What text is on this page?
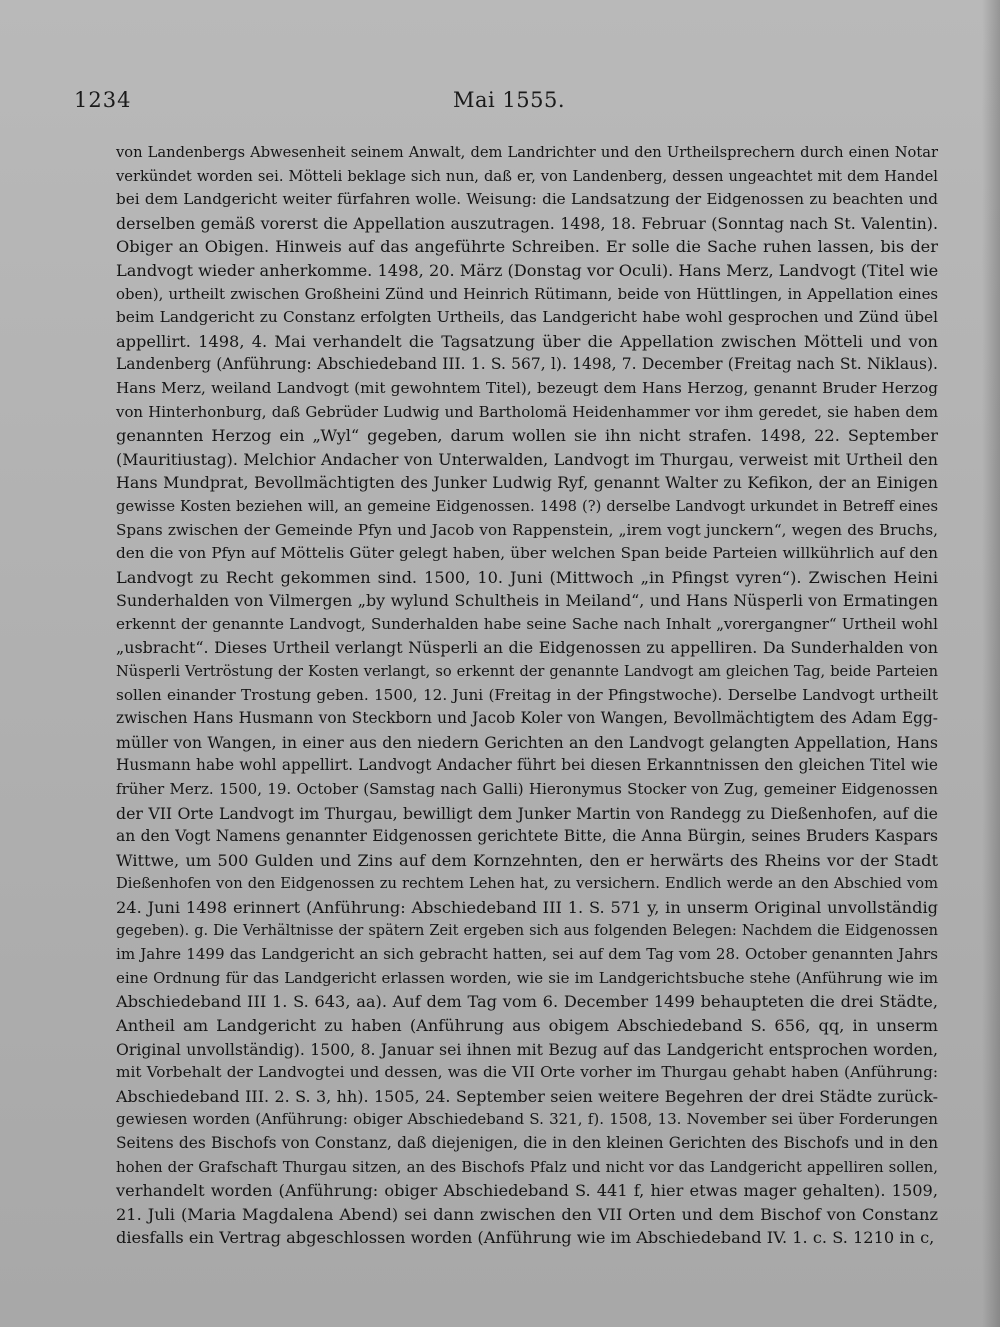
1234	Mai 1555.
von Landenbergs Abwesenheit seinem Anwalt, dem Landrichter und den Urtheilsprechern durch einen Notar
verkündet worden sei. Mötteli beklage sich nun, daß er, von Landenberg, dessen ungeachtet mit dem Handel
bei dem Landgericht weiter fürfahren wolle. Weisung: die Landsatzung der Eidgenossen zu beachten und
derselben gemäß vorerst die Appellation auszutragen. 1498, 18. Februar (Sonntag nach St. Valentin).
Obiger an Obigen. Hinweis auf das angeführte Schreiben. Er solle die Sache ruhen lassen, bis der
Landvogt wieder anherkomme. 1498, 20. März (Donstag vor Oculi). Hans Merz, Landvogt (Titel wie
oben), urtheilt zwischen Großheini Zünd und Heinrich Rütimann, beide von Hüttlingen, in Appellation eines
beim Landgericht zu Constanz erfolgten Urtheils, das Landgericht habe wohl gesprochen und Zünd übel
appellirt. 1498, 4. Mai verhandelt die Tagsatzung über die Appellation zwischen Mötteli und von
Landenberg (Anführung: Abschiedeband III. 1. S. 567, l). 1498, 7. December (Freitag nach St. Niklaus).
Hans Merz, weiland Landvogt (mit gewohntem Titel), bezeugt dem Hans Herzog, genannt Bruder Herzog
von Hinterhonburg, daß Gebrüder Ludwig und Bartholomä Heidenhammer vor ihm geredet, sie haben dem
genannten Herzog ein „Wyl“ gegeben, darum wollen sie ihn nicht strafen. 1498, 22. September
(Mauritiustag). Melchior Andacher von Unterwalden, Landvogt im Thurgau, verweist mit Urtheil den
Hans Mundprat, Bevollmächtigten des Junker Ludwig Ryf, genannt Walter zu Kefikon, der an Einigen
gewisse Kosten beziehen will, an gemeine Eidgenossen. 1498 (?) derselbe Landvogt urkundet in Betreff eines
Spans zwischen der Gemeinde Pfyn und Jacob von Rappenstein, „irem vogt junckern“, wegen des Bruchs,
den die von Pfyn auf Möttelis Güter gelegt haben, über welchen Span beide Parteien willkührlich auf den
Landvogt zu Recht gekommen sind. 1500, 10. Juni (Mittwoch „in Pfingst vyren“). Zwischen Heini
Sunderhalden von Vilmergen „by wylund Schultheis in Meiland“, und Hans Nüsperli von Ermatingen
erkennt der genannte Landvogt, Sunderhalden habe seine Sache nach Inhalt „vorergangner“ Urtheil wohl
„usbracht“. Dieses Urtheil verlangt Nüsperli an die Eidgenossen zu appelliren. Da Sunderhalden von
Nüsperli Vertröstung der Kosten verlangt, so erkennt der genannte Landvogt am gleichen Tag, beide Parteien
sollen einander Trostung geben. 1500, 12. Juni (Freitag in der Pfingstwoche). Derselbe Landvogt urtheilt
zwischen Hans Husmann von Steckborn und Jacob Koler von Wangen, Bevollmächtigtem des Adam Egg-
müller von Wangen, in einer aus den niedern Gerichten an den Landvogt gelangten Appellation, Hans
Husmann habe wohl appellirt. Landvogt Andacher führt bei diesen Erkanntnissen den gleichen Titel wie
früher Merz. 1500, 19. October (Samstag nach Galli) Hieronymus Stocker von Zug, gemeiner Eidgenossen
der VII Orte Landvogt im Thurgau, bewilligt dem Junker Martin von Randegg zu Dießenhofen, auf die
an den Vogt Namens genannter Eidgenossen gerichtete Bitte, die Anna Bürgin, seines Bruders Kaspars
Wittwe, um 500 Gulden und Zins auf dem Kornzehnten, den er herwärts des Rheins vor der Stadt
Dießenhofen von den Eidgenossen zu rechtem Lehen hat, zu versichern. Endlich werde an den Abschied vom
24. Juni 1498 erinnert (Anführung: Abschiedeband III 1. S. 571 y, in unserm Original unvollständig
gegeben). g. Die Verhältnisse der spätern Zeit ergeben sich aus folgenden Belegen: Nachdem die Eidgenossen
im Jahre 1499 das Landgericht an sich gebracht hatten, sei auf dem Tag vom 28. October genannten Jahrs
eine Ordnung für das Landgericht erlassen worden, wie sie im Landgerichtsbuche stehe (Anführung wie im
Abschiedeband III 1. S. 643, aa). Auf dem Tag vom 6. December 1499 behaupteten die drei Städte,
Antheil am Landgericht zu haben (Anführung aus obigem Abschiedeband S. 656, qq, in unserm
Original unvollständig). 1500, 8. Januar sei ihnen mit Bezug auf das Landgericht entsprochen worden,
mit Vorbehalt der Landvogtei und dessen, was die VII Orte vorher im Thurgau gehabt haben (Anführung:
Abschiedeband III. 2. S. 3, hh). 1505, 24. September seien weitere Begehren der drei Städte zurück-
gewiesen worden (Anführung: obiger Abschiedeband S. 321, f). 1508, 13. November sei über Forderungen
Seitens des Bischofs von Constanz, daß diejenigen, die in den kleinen Gerichten des Bischofs und in den
hohen der Grafschaft Thurgau sitzen, an des Bischofs Pfalz und nicht vor das Landgericht appelliren sollen,
verhandelt worden (Anführung: obiger Abschiedeband S. 441 f, hier etwas mager gehalten). 1509,
21. Juli (Maria Magdalena Abend) sei dann zwischen den VII Orten und dem Bischof von Constanz
diesfalls ein Vertrag abgeschlossen worden (Anführung wie im Abschiedeband IV. 1. c. S. 1210 in c,
